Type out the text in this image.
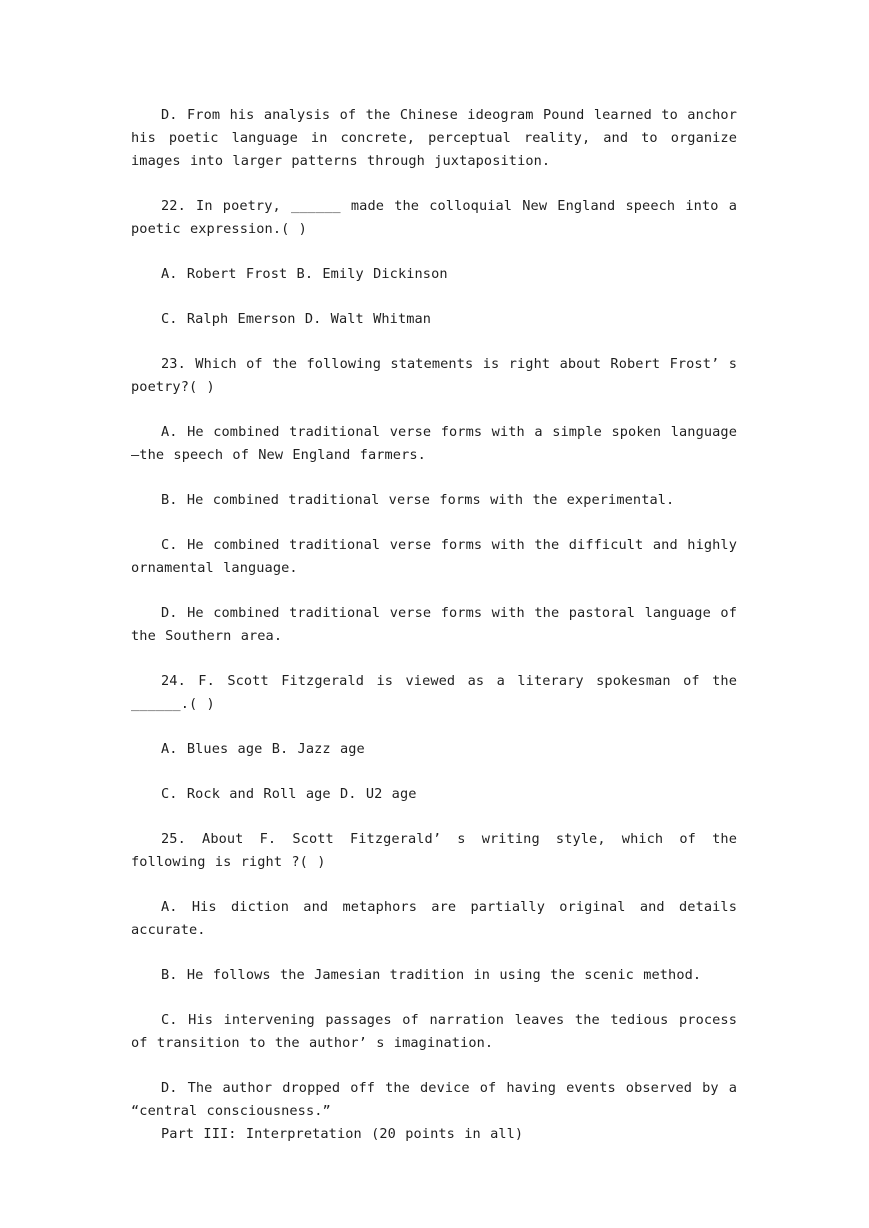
D. From his analysis of the Chinese ideogram Pound learned to anchor his poetic language in concrete, perceptual reality, and to organize images into larger patterns through juxtaposition.

22. In poetry, ______ made the colloquial New England speech into a poetic expression.( )

A. Robert Frost B. Emily Dickinson

C. Ralph Emerson D. Walt Whitman

23. Which of the following statements is right about Robert Frost’ s poetry?( )

A. He combined traditional verse forms with a simple spoken language—the speech of New England farmers.

B. He combined traditional verse forms with the experimental.

C. He combined traditional verse forms with the difficult and highly ornamental language.

D. He combined traditional verse forms with the pastoral language of the Southern area.

24. F. Scott Fitzgerald is viewed as a literary spokesman of the ______.( )

A. Blues age B. Jazz age

C. Rock and Roll age D. U2 age

25. About F. Scott Fitzgerald’ s writing style, which of the following is right ?( )

A. His diction and metaphors are partially original and details accurate.

B. He follows the Jamesian tradition in using the scenic method.

C. His intervening passages of narration leaves the tedious process of transition to the author’ s imagination.

D. The author dropped off the device of having events observed by a “central consciousness.”

Part III: Interpretation (20 points in all)
